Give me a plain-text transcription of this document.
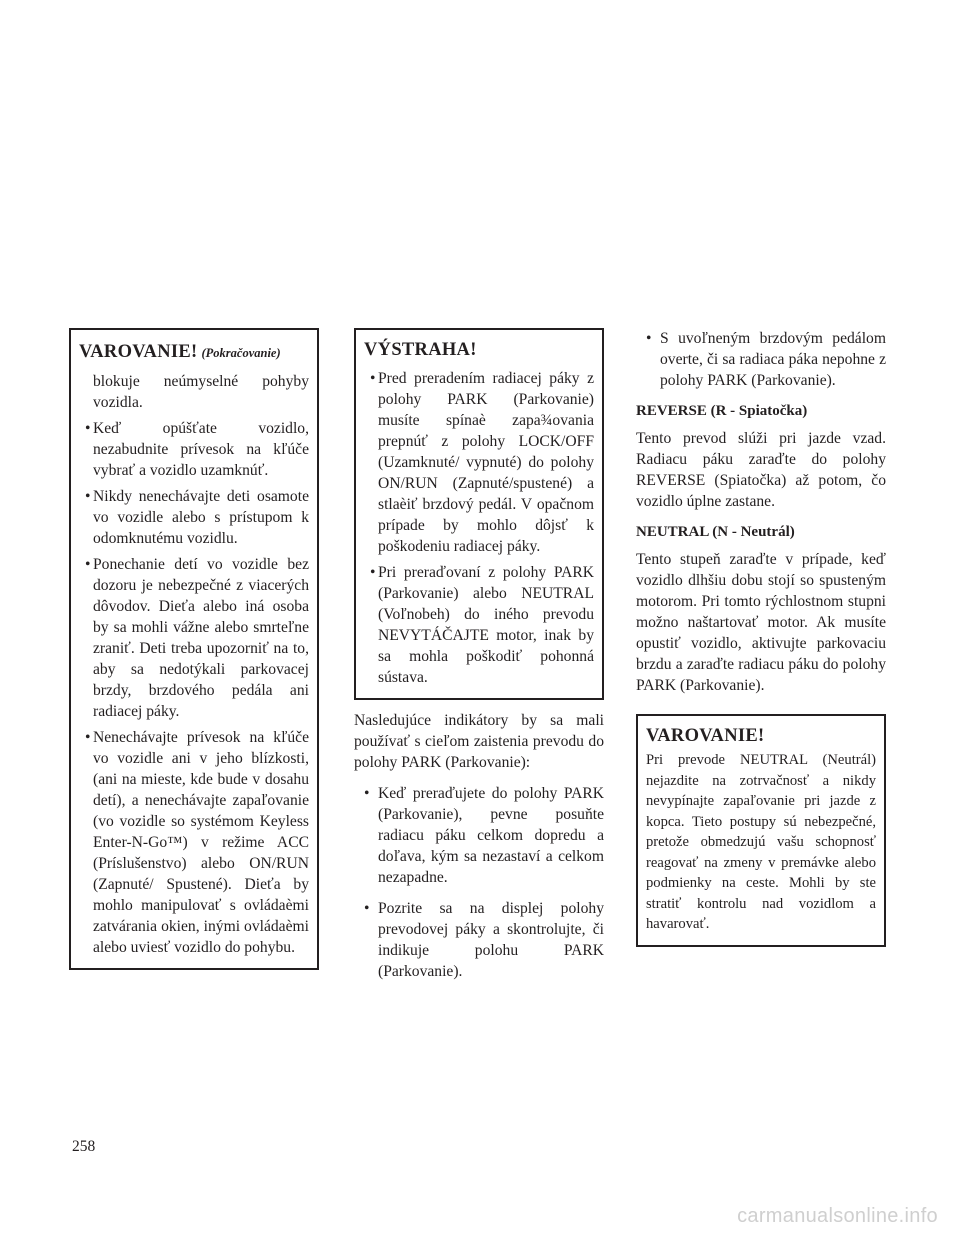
VAROVANIE! (Pokračovanie)
blokuje neúmyselné pohyby vozidla.
• Keď opúšťate vozidlo, nezabudnite prívesok na kľúče vybrať a vozidlo uzamknúť.
• Nikdy nenechávajte deti osamote vo vozidle alebo s prístupom k odomknutému vozidlu.
• Ponechanie detí vo vozidle bez dozoru je nebezpečné z viacerých dôvodov. Dieťa alebo iná osoba by sa mohli vážne alebo smrteľne zraniť. Deti treba upozorniť na to, aby sa nedotýkali parkovacej brzdy, brzdového pedála ani radiacej páky.
• Nenechávajte prívesok na kľúče vo vozidle ani v jeho blízkosti, (ani na mieste, kde bude v dosahu detí), a nenechávajte zapaľovanie (vo vozidle so systémom Keyless Enter-N-Go™) v režime ACC (Príslušenstvo) alebo ON/RUN (Zapnuté/ Spustené). Dieťa by mohlo manipulovať s ovládaèmi zatvárania okien, inými ovládaèmi alebo uviesť vozidlo do pohybu.
VÝSTRAHA!
• Pred preradením radiacej páky z polohy PARK (Parkovanie) musíte spínaè zapa¾ovania prepnúť z polohy LOCK/OFF (Uzamknuté/ vypnuté) do polohy ON/RUN (Zapnuté/spustené) a stlaèiť brzdový pedál. V opačnom prípade by mohlo dôjsť k poškodeniu radiacej páky.
• Pri preraďovaní z polohy PARK (Parkovanie) alebo NEUTRAL (Voľnobeh) do iného prevodu NEVYTÁČAJTE motor, inak by sa mohla poškodiť pohonná sústava.
Nasledujúce indikátory by sa mali používať s cieľom zaistenia prevodu do polohy PARK (Parkovanie):
• Keď preraďujete do polohy PARK (Parkovanie), pevne posuňte radiacu páku celkom dopredu a doľava, kým sa nezastaví a celkom nezapadne.
• Pozrite sa na displej polohy prevodovej páky a skontrolujte, či indikuje polohu PARK (Parkovanie).
• S uvoľneným brzdovým pedálom overte, či sa radiaca páka nepohne z polohy PARK (Parkovanie).
REVERSE (R - Spiatočka)
Tento prevod slúži pri jazde vzad. Radiacu páku zaraďte do polohy REVERSE (Spiatočka) až potom, čo vozidlo úplne zastane.
NEUTRAL (N - Neutrál)
Tento stupeň zaraďte v prípade, keď vozidlo dlhšiu dobu stojí so spusteným motorom. Pri tomto rýchlostnom stupni možno naštartovať motor. Ak musíte opustiť vozidlo, aktivujte parkovaciu brzdu a zaraďte radiacu páku do polohy PARK (Parkovanie).
VAROVANIE!
Pri prevode NEUTRAL (Neutrál) nejazdite na zotrvačnosť a nikdy nevypínajte zapaľovanie pri jazde z kopca. Tieto postupy sú nebezpečné, pretože obmedzujú vašu schopnosť reagovať na zmeny v premávke alebo podmienky na ceste. Mohli by ste stratiť kontrolu nad vozidlom a havarovať.
258
carmanualsonline.info
